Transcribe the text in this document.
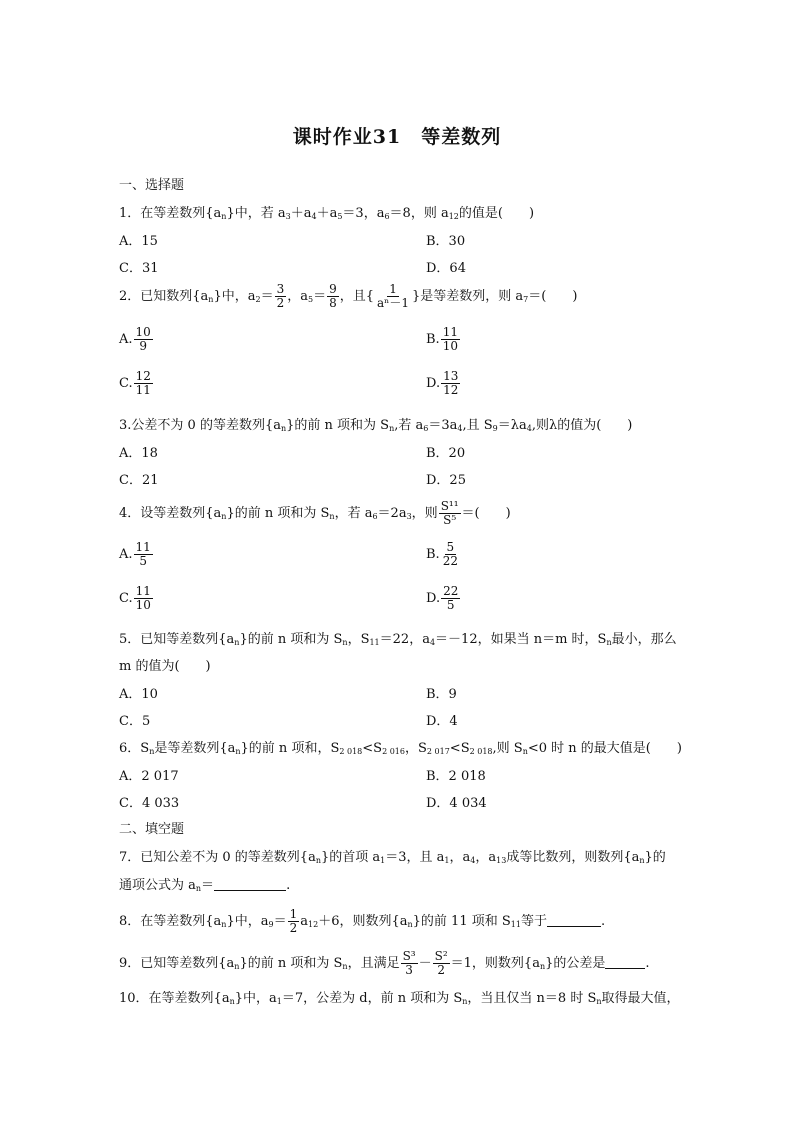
课时作业31　等差数列
一、选择题
1．在等差数列$\{a_n\}$中，若 $a_3+a_4+a_5=3$，$a_6=8$，则 $a_{12}$的值是(　　)
A．15	B．30
C．31	D．64
2．已知数列$\{a_n\}$中，$a_2= \frac{3}{2}$ ，$a_5= \frac{9}{8}$ ，且{ $\frac{1}{\text{aⁿ－1}}$ }是等差数列，则 $a_7=$(　　)
A. $\frac{10}{9}$	B. $\frac{11}{10}$
C. $\frac{12}{11}$	D. $\frac{13}{12}$
3.公差不为 0 的等差数列$\{a_n\}$的前 n 项和为 $S_n$,若 $a_6=3a_4$,且 $S_9=\lambda a_4$,则λ的值为(　　)
A．18	B．20
C．21	D．25
4．设等差数列$\{a_n\}$的前 n 项和为 $S_n$，若 $a_6=2a_3$，则 $\frac{\text{S¹¹}}{\text{S⁵}}$ ＝(　　)
A. $\frac{11}{5}$	B. $\frac{5}{22}$
C. $\frac{11}{10}$	D. $\frac{22}{5}$
5．已知等差数列$\{a_n\}$的前 n 项和为 $S_n$，$S_{11}=22$，$a_4=-12$，如果当 n＝m 时，$S_n$最小，那么
m 的值为(　　)
A．10	B．9
C．5	D．4
6．$S_n$是等差数列$\{a_n\}$的前 n 项和，$S_{2 018}<S_{2 016}$，$S_{2 017}<S_{2 018}$,则 $S_n<0$ 时 n 的最大值是(　　)
A．2 017	B．2 018
C．4 033	D．4 034
二、填空题
7．已知公差不为 0 的等差数列$\{a_n\}$的首项 $a_1=3$，且 $a_1$，$a_4$，$a_{13}$成等比数列，则数列$\{a_n\}$的
通项公式为 $a_n=$	.
8．在等差数列$\{a_n\}$中，$a_9= \frac{1}{2} a_{12}+6$，则数列$\{a_n\}$的前 11 项和 $S_{11}$等于	.
9．已知等差数列$\{a_n\}$的前 n 项和为 $S_n$，且满足 $\frac{\text{S³}}{3} - \frac{\text{S²}}{2} =1$，则数列$\{a_n\}$的公差是	.
10．在等差数列$\{a_n\}$中，$a_1=7$，公差为 d，前 n 项和为 $S_n$，当且仅当 n＝8 时 $S_n$取得最大值，
